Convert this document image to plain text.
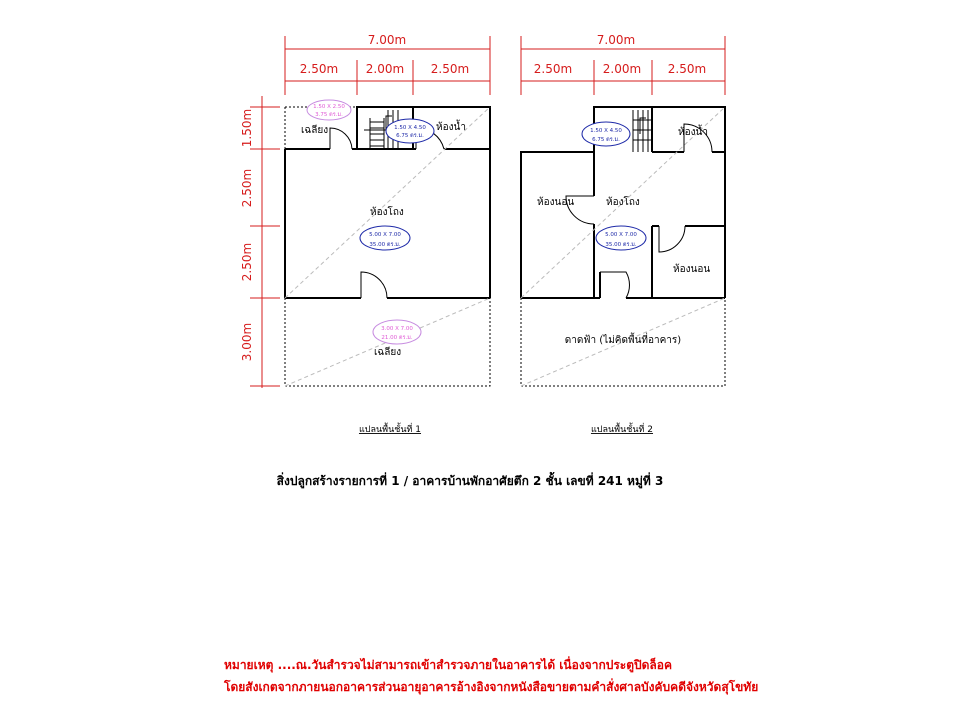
7.00m
2.50m 2.00m 2.50m
1.50m
2.50m
2.50m
3.00m
เฉลียง	ห้องน้ำ
ห้องโถง
เฉลียง
1.50 X 2.50
3.75 ตร.ม.
1.50 X 4.50
6.75 ตร.ม.
5.00 X 7.00
35.00 ตร.ม.
3.00 X 7.00
21.00 ตร.ม.
แปลนพื้นชั้นที่ 1
7.00m
2.50m	2.00m 2.50m
ห้องน้ำ
ห้องนอน	ห้องโถง
ห้องนอน
ดาดฟ้า (ไม่คิดพื้นที่อาคาร)
1.50 X 4.50
6.75 ตร.ม.
5.00 X 7.00
35.00 ตร.ม.
แปลนพื้นชั้นที่ 2
สิ่งปลูกสร้างรายการที่ 1 / อาคารบ้านพักอาศัยตึก 2 ชั้น เลขที่ 241 หมู่ที่ 3
หมายเหตุ ....ณ.วันสำรวจไม่สามารถเข้าสำรวจภายในอาคารได้ เนื่องจากประตูปิดล็อค
โดยสังเกตจากภายนอกอาคารส่วนอายุอาคารอ้างอิงจากหนังสือขายตามคำสั่งศาลบังคับคดีจังหวัดสุโขทัย
